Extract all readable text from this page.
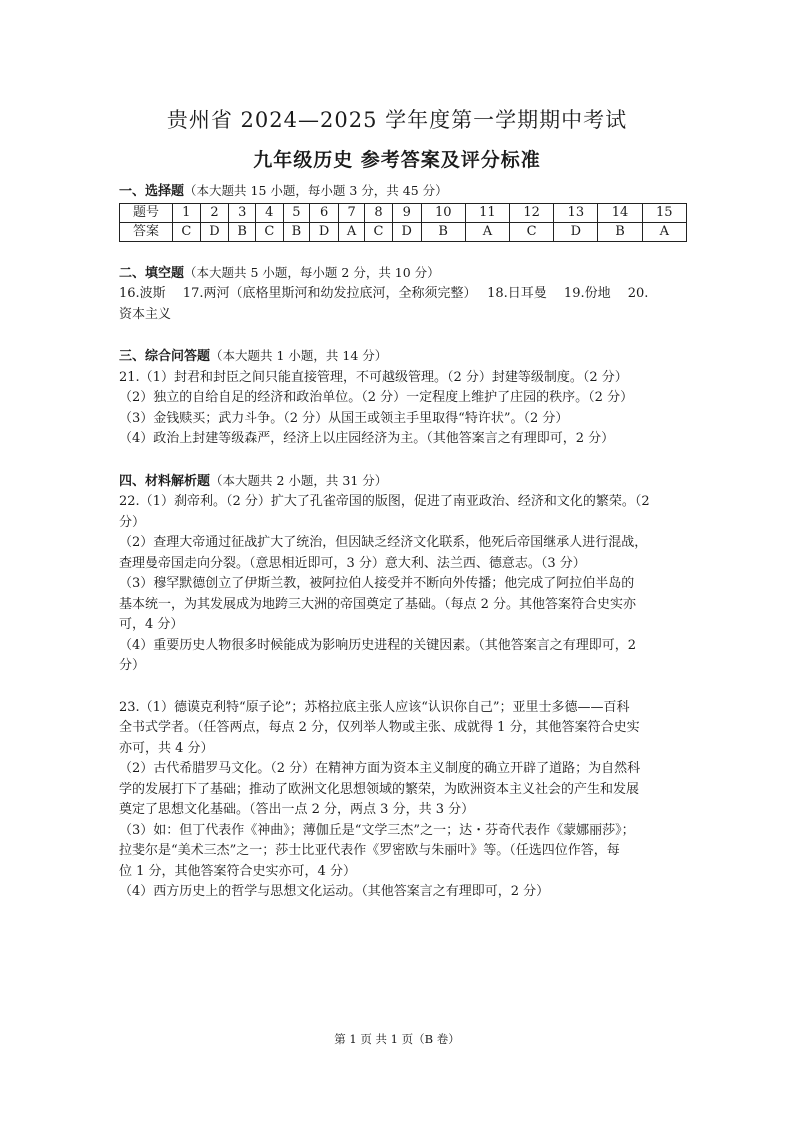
贵州省 2024—2025 学年度第一学期期中考试
九年级历史 参考答案及评分标准

一、选择题（本大题共 15 小题，每小题 3 分，共 45 分）

题号	1	2	3	4	5	6	7	8	9	10	11	12	13	14	15
答案	C	D	B	C	B	D	A	C	D	B	A	C	D	B	A

二、填空题（本大题共 5 小题，每小题 2 分，共 10 分）

16.波斯　 17.两河（底格里斯河和幼发拉底河，全称须完整）　 18.日耳曼　 19.份地　 20.

资本主义

三、综合问答题（本大题共 1 小题，共 14 分）

21.（1）封君和封臣之间只能直接管理，不可越级管理。（2 分）封建等级制度。（2 分）

（2）独立的自给自足的经济和政治单位。（2 分）一定程度上维护了庄园的秩序。（2 分）

（3）金钱赎买；武力斗争。（2 分）从国王或领主手里取得“特许状”。（2 分）

（4）政治上封建等级森严，经济上以庄园经济为主。（其他答案言之有理即可，2 分）

四、材料解析题（本大题共 2 小题，共 31 分）

22.（1）刹帝利。（2 分）扩大了孔雀帝国的版图，促进了南亚政治、经济和文化的繁荣。（2

分）

（2）查理大帝通过征战扩大了统治，但因缺乏经济文化联系，他死后帝国继承人进行混战，

查理曼帝国走向分裂。（意思相近即可，3 分）意大利、法兰西、德意志。（3 分）

（3）穆罕默德创立了伊斯兰教，被阿拉伯人接受并不断向外传播；他完成了阿拉伯半岛的

基本统一，为其发展成为地跨三大洲的帝国奠定了基础。（每点 2 分。其他答案符合史实亦

可，4 分）

（4）重要历史人物很多时候能成为影响历史进程的关键因素。（其他答案言之有理即可，2

分）

23.（1）德谟克利特“原子论”；苏格拉底主张人应该“认识你自己”；亚里士多德——百科

全书式学者。（任答两点，每点 2 分，仅列举人物或主张、成就得 1 分，其他答案符合史实

亦可，共 4 分）

（2）古代希腊罗马文化。（2 分）在精神方面为资本主义制度的确立开辟了道路；为自然科

学的发展打下了基础；推动了欧洲文化思想领域的繁荣，为欧洲资本主义社会的产生和发展

奠定了思想文化基础。（答出一点 2 分，两点 3 分，共 3 分）

（3）如：但丁代表作《神曲》；薄伽丘是“文学三杰”之一；达・芬奇代表作《蒙娜丽莎》；

拉斐尔是“美术三杰”之一；莎士比亚代表作《罗密欧与朱丽叶》等。（任选四位作答，每

位 1 分，其他答案符合史实亦可，4 分）

（4）西方历史上的哲学与思想文化运动。（其他答案言之有理即可，2 分）

第 1 页 共 1 页（B 卷）
